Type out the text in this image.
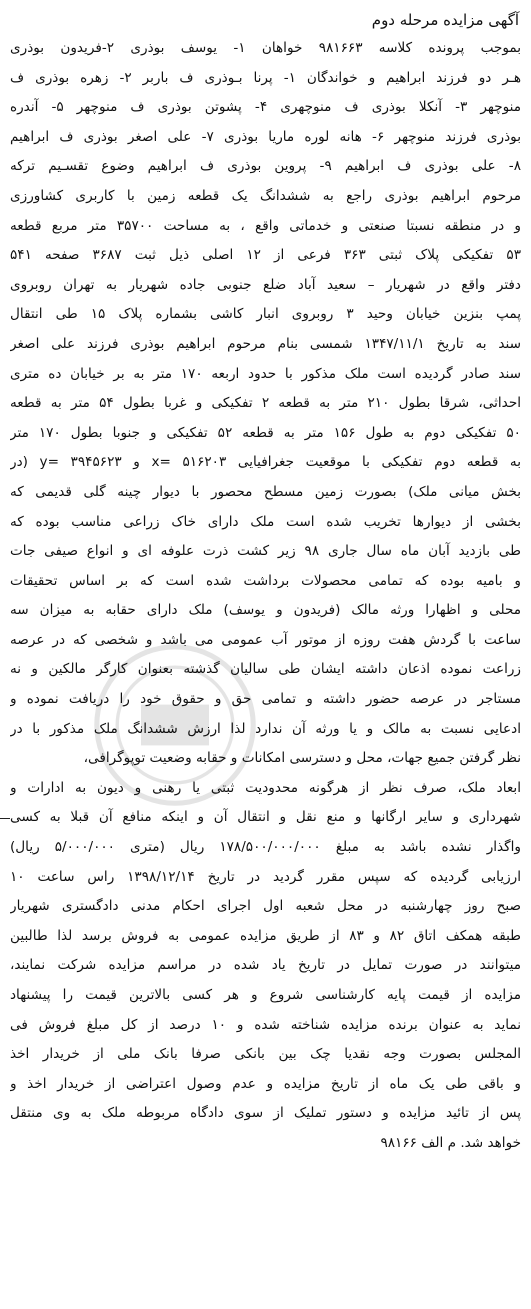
آگهی مزایده مرحله دوم
بموجب پرونده کلاسه ۹۸۱۶۶۳ خواهان ۱- یوسف بوذری ۲-فریدون بوذری
هـر دو فرزند ابراهیم و خواندگان ۱- پرنا بـوذری ف باربر ۲- زهره بوذری ف
منوچهر ۳- آنکلا بوذری ف منوچهری ۴- پشوتن بوذری ف منوچهر ۵- آندره
بوذری فرزند منوچهر ۶- هانه لوره ماریا بوذری ۷- علی اصغر بوذری ف ابراهیم
۸- علی بوذری ف ابراهیم ۹- پروین بوذری ف ابراهیم وضوع تقسـیم ترکه
مرحوم ابراهیم بوذری راجع به ششدانگ یک قطعه زمین با کاربری کشاورزی
و در منطقه نسبتا صنعتی و خدماتی واقع ، به مساحت ۳۵۷۰۰ متر مربع قطعه
۵۳ تفکیکی پلاک ثبتی ۳۶۳ فرعی از ۱۲ اصلی ذیل ثبت ۳۶۸۷ صفحه ۵۴۱
دفتر واقع در شهریار – سعید آباد ضلع جنوبی جاده شهریار به تهران روبروی
پمپ بنزین خیابان وحید ۳ روبروی انبار کاشی بشماره پلاک ۱۵ طی انتقال
سند به تاریخ ۱۳۴۷/۱۱/۱ شمسی بنام مرحوم ابراهیم بوذری فرزند علی اصغر
سند صادر گردیده است ملک مذکور با حدود اربعه ۱۷۰ متر به بر خیابان ده متری
احداثی، شرقا بطول ۲۱۰ متر به قطعه ۲ تفکیکی و غربا بطول ۵۴ متر به قطعه
۵۰ تفکیکی دوم به طول ۱۵۶ متر به قطعه ۵۲ تفکیکی و جنوبا بطول ۱۷۰ متر
به قطعه دوم تفکیکی با موقعیت جغرافیایی x= ۵۱۶۲۰۳ و y= ۳۹۴۵۶۲۳ (در
بخش میانی ملک) بصورت زمین مسطح محصور با دیوار چینه گلی قدیمی که
بخشی از دیوارها تخریب شده است ملک دارای خاک زراعی مناسب بوده که
طی بازدید آبان ماه سال جاری ۹۸ زیر کشت ذرت علوفه ای و انواع صیفی جات
و بامیه بوده که تمامی محصولات برداشت شده است که بر اساس تحقیقات
محلی و اظهارا ورثه مالک (فریدون و یوسف) ملک دارای حقابه به میزان سه
ساعت با گردش هفت روزه از موتور آب عمومی می باشد و شخصی که در عرصه
زراعت نموده اذعان داشته ایشان طی سالیان گذشته بعنوان کارگر مالکین و نه
مستاجر در عرصه حضور داشته و تمامی حق و حقوق خود را دریافت نموده و
ادعایی نسبت به مالک و یا ورثه آن ندارد لذا ارزش ششدانگ ملک مذکور با در
نظر گرفتن جمیع جهات، محل و دسترسی امکانات و حقابه وضعیت توپوگرافی،
ابعاد ملک، صرف نظر از هرگونه محدودیت ثبتی یا رهنی و دیون به ادارات و
شهرداری و سایر ارگانها و منع نقل و انتقال آن و اینکه منافع آن قبلا به کسی
واگذار نشده باشد به مبلغ ۱۷۸/۵۰۰/۰۰۰/۰۰۰ ریال (متری ۵/۰۰۰/۰۰۰ ریال)
ارزیابی گردیده که سپس مقرر گردید در تاریخ ۱۳۹۸/۱۲/۱۴ راس ساعت ۱۰
صبح روز چهارشنبه در محل شعبه اول اجرای احکام مدنی دادگستری شهریار
طبقه همکف اتاق ۸۲ و ۸۳ از طریق مزایده عمومی به فروش برسد لذا طالبین
میتوانند در صورت تمایل در تاریخ یاد شده در مراسم مزایده شرکت نمایند،
مزایده از قیمت پایه کارشناسی شروع و هر کسی بالاترین قیمت را پیشنهاد
نماید به عنوان برنده مزایده شناخته شده و ۱۰ درصد از کل مبلغ فروش فی
المجلس بصورت وجه نقدیا چک بین بانکی صرفا بانک ملی از خریدار اخذ
و باقی طی یک ماه از تاریخ مزایده و عدم وصول اعتراضی از خریدار اخذ و
پس از تائید مزایده و دستور تملیک از سوی دادگاه مربوطه ملک به وی منتقل
خواهد شد. م الف ۹۸۱۶۶
